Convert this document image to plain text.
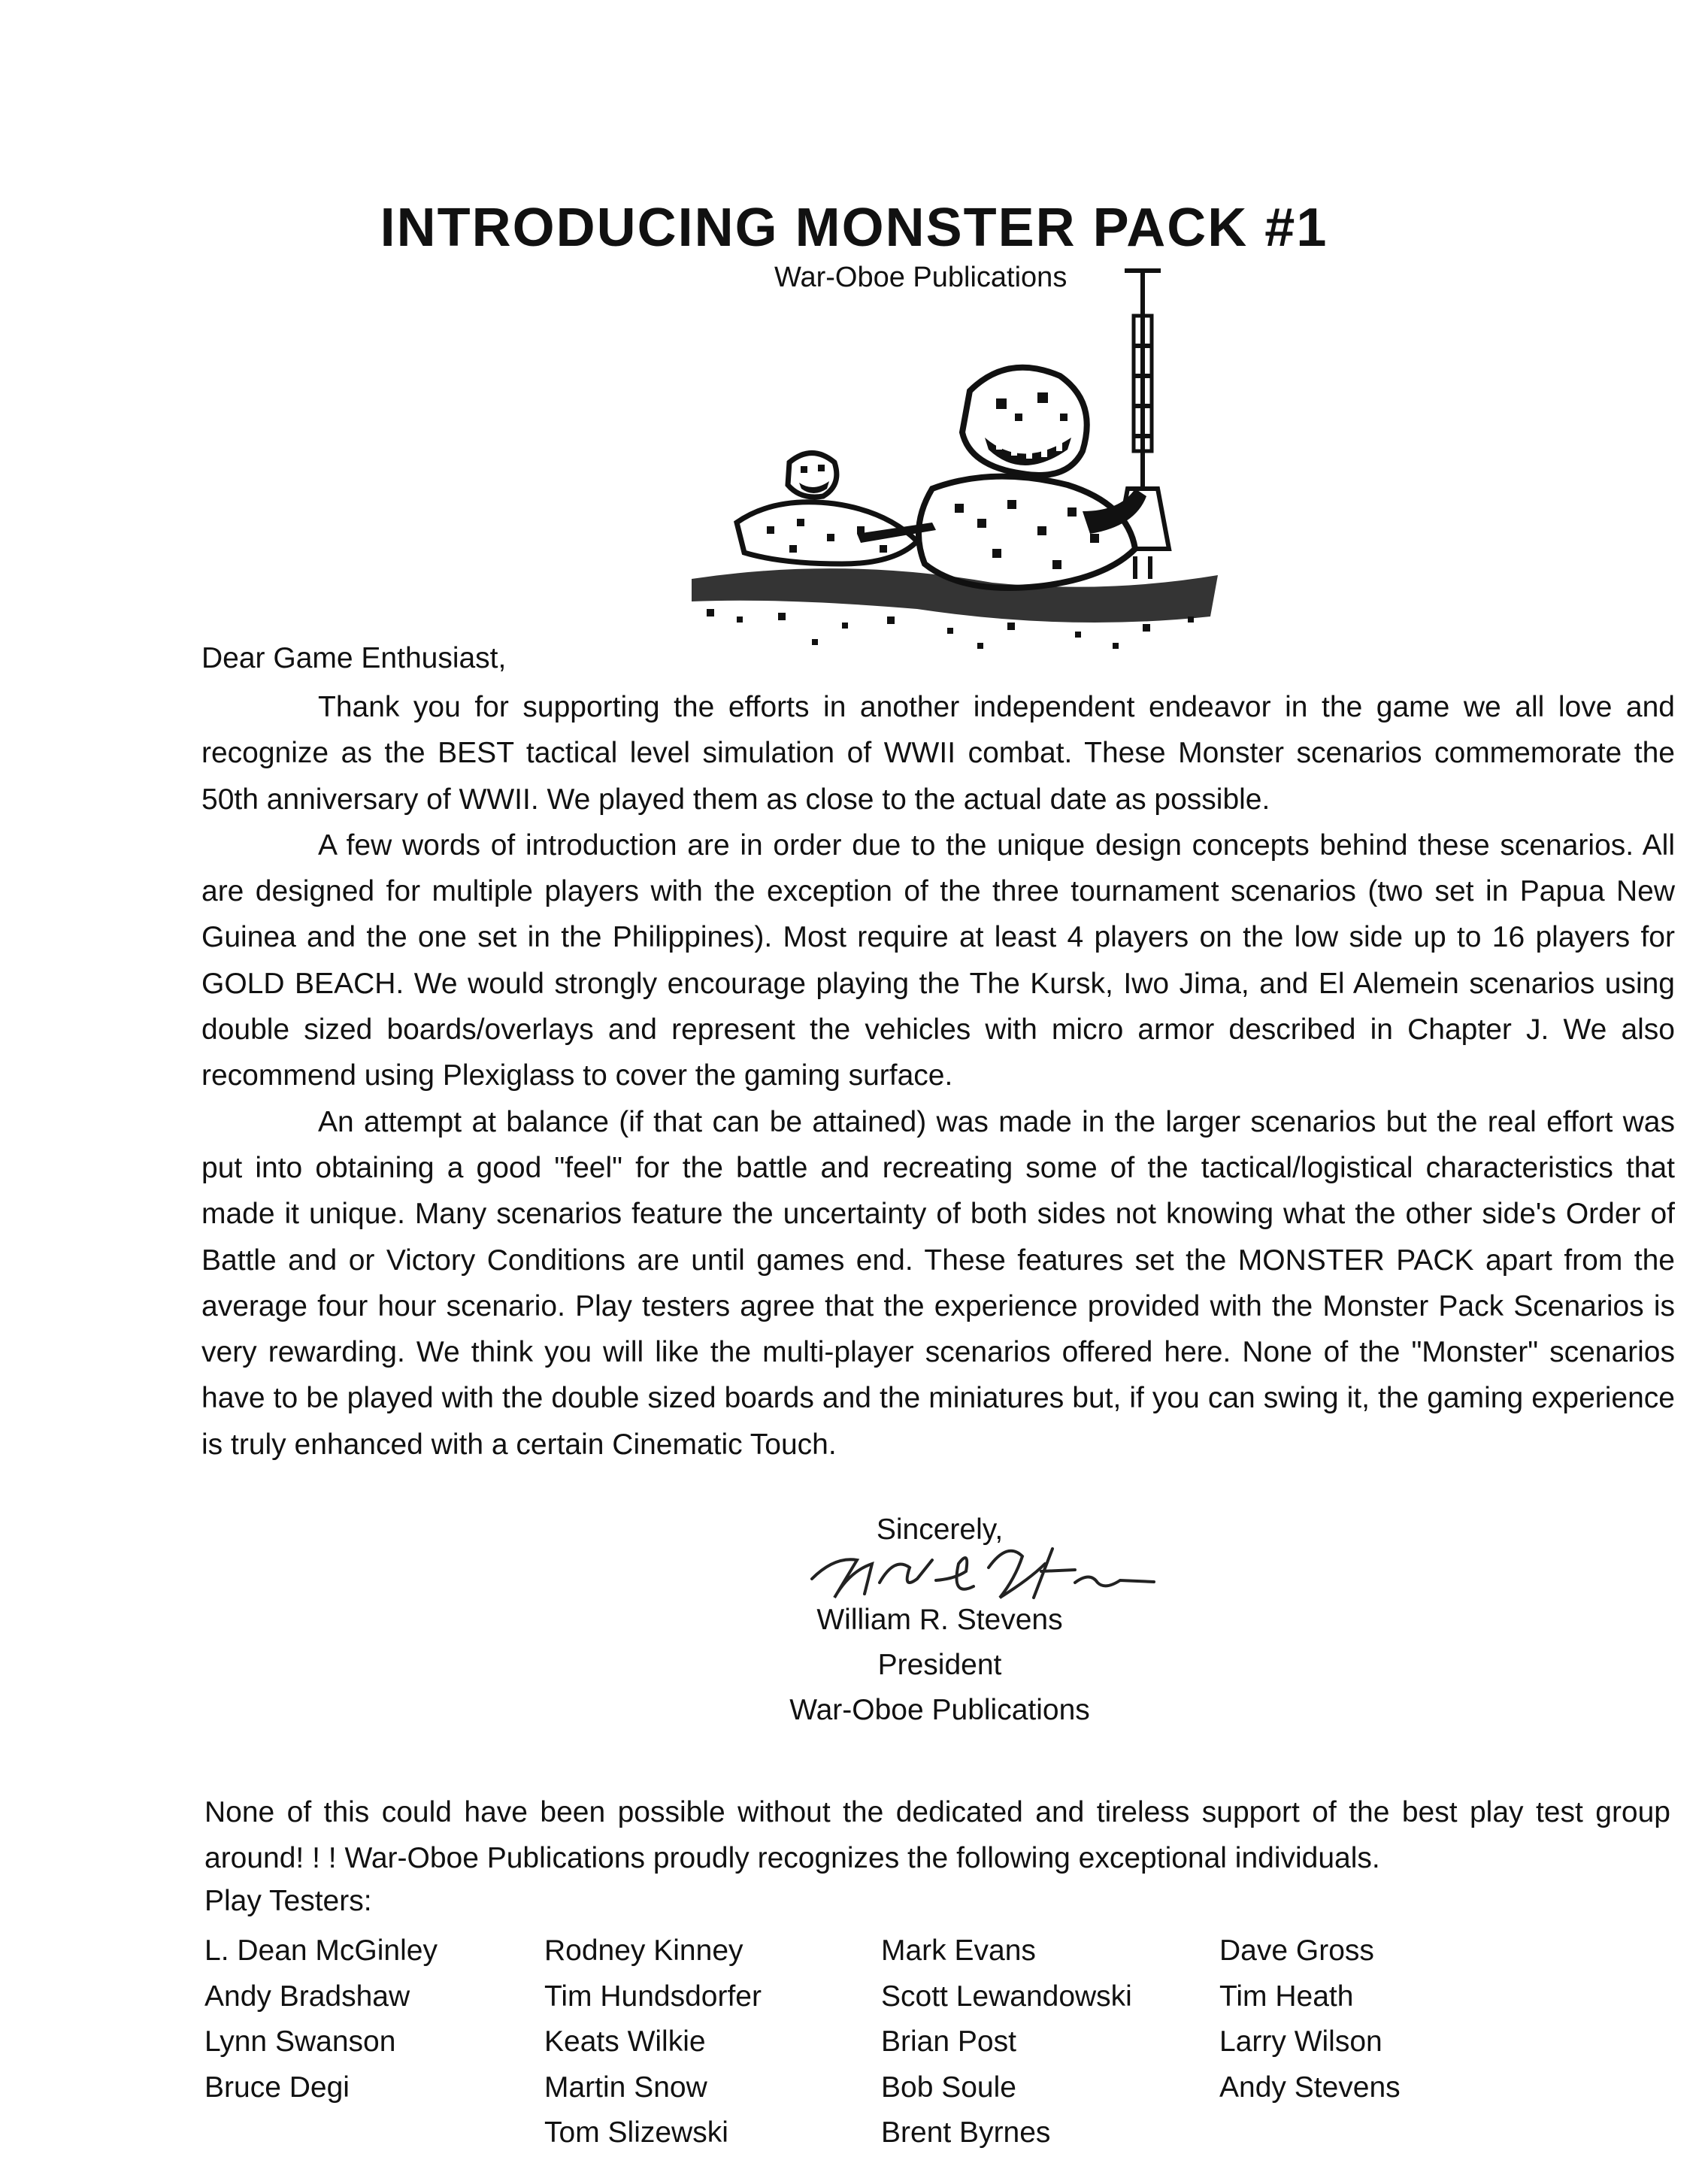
INTRODUCING MONSTER PACK #1
War-Oboe Publications
Dear Game Enthusiast,

Thank you for supporting the efforts in another independent endeavor in the game we all love and recognize as the BEST tactical level simulation of WWII combat. These Monster scenarios commemorate the 50th anniversary of WWII. We played them as close to the actual date as possible.

A few words of introduction are in order due to the unique design concepts behind these scenarios. All are designed for multiple players with the exception of the three tournament scenarios (two set in Papua New Guinea and the one set in the Philippines). Most require at least 4 players on the low side up to 16 players for GOLD BEACH. We would strongly encourage playing the The Kursk, Iwo Jima, and El Alemein scenarios using double sized boards/overlays and represent the vehicles with micro armor described in Chapter J. We also recommend using Plexiglass to cover the gaming surface.

An attempt at balance (if that can be attained) was made in the larger scenarios but the real effort was put into obtaining a good "feel" for the battle and recreating some of the tactical/logistical characteristics that made it unique. Many scenarios feature the uncertainty of both sides not knowing what the other side's Order of Battle and or Victory Conditions are until games end. These features set the MONSTER PACK apart from the average four hour scenario. Play testers agree that the experience provided with the Monster Pack Scenarios is very rewarding. We think you will like the multi-player scenarios offered here. None of the "Monster" scenarios have to be played with the double sized boards and the miniatures but, if you can swing it, the gaming experience is truly enhanced with a certain Cinematic Touch.

Sincerely,
William R. Stevens
President
War-Oboe Publications
None of this could have been possible without the dedicated and tireless support of the best play test group around! ! ! War-Oboe Publications proudly recognizes the following exceptional individuals.
Play Testers:
L. Dean McGinley
Andy Bradshaw
Lynn Swanson
Bruce Degi
Rodney Kinney
Tim Hundsdorfer
Keats Wilkie
Martin Snow
Tom Slizewski
Mark Evans
Scott Lewandowski
Brian Post
Bob Soule
Brent Byrnes
Dave Gross
Tim Heath
Larry Wilson
Andy Stevens
